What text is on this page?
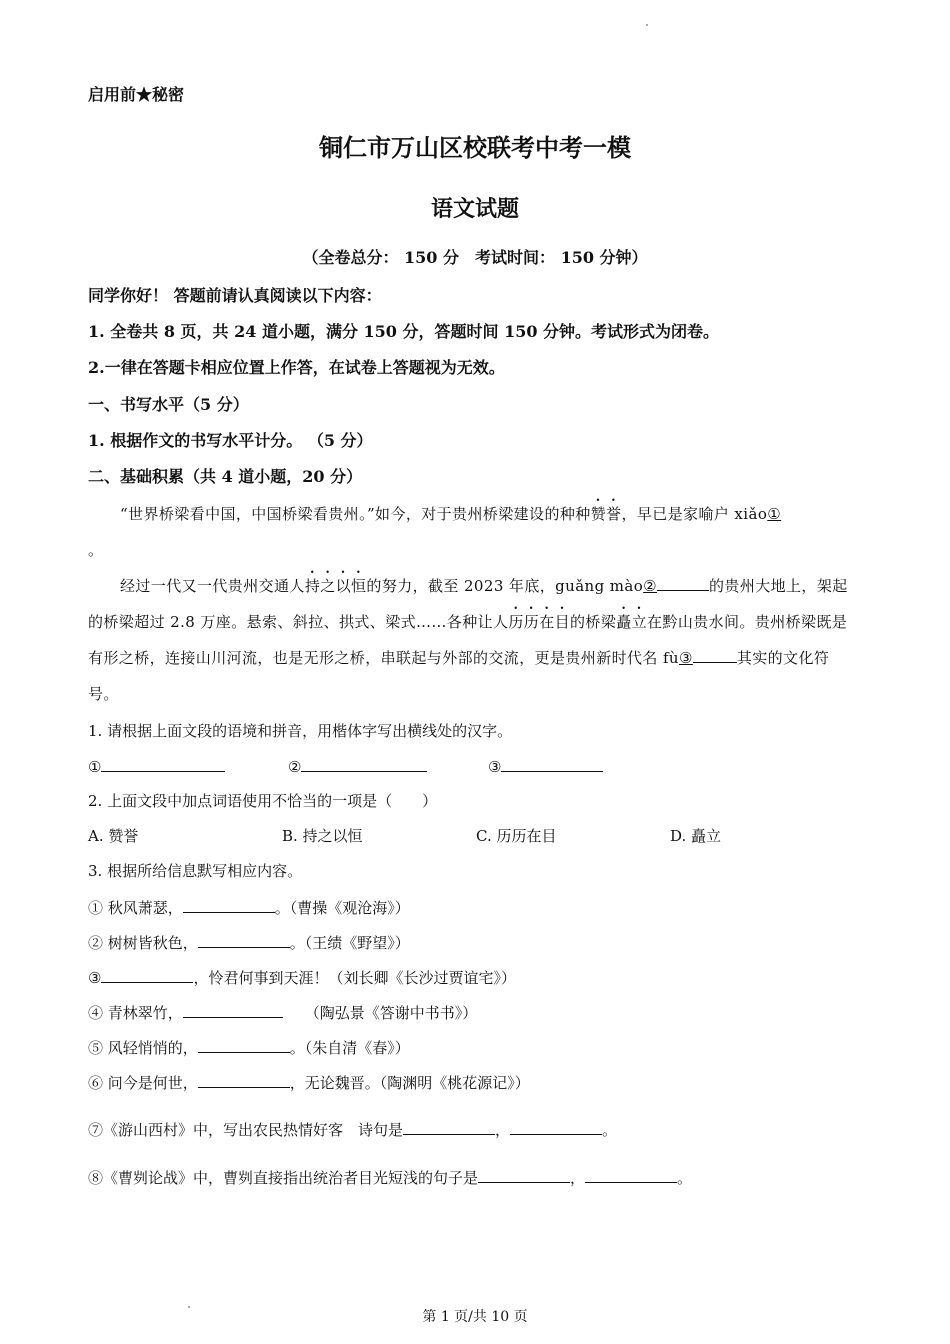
启用前★秘密
铜仁市万山区校联考中考一模
语文试题
（全卷总分： 150 分　考试时间： 150 分钟）
同学你好！ 答题前请认真阅读以下内容：
1. 全卷共 8 页，共 24 道小题，满分 150 分，答题时间 150 分钟。考试形式为闭卷。
2.一律在答题卡相应位置上作答，在试卷上答题视为无效。
一、书写水平（5 分）
1. 根据作文的书写水平计分。 （5 分）
二、基础积累（共 4 道小题，20 分）

“世界桥梁看中国，中国桥梁看贵州。”如今，对于贵州桥梁建设的种种赞誉，早已是家喻户 xiǎo①
。

经过一代又一代贵州交通人持之以恒的努力，截至 2023 年底，guǎng mào②	的贵州大地上，架起的桥梁超过 2.8 万座。悬索、斜拉、拱式、梁式……各种让人历历在目的桥梁矗立在黔山贵水间。贵州桥梁既是有形之桥，连接山川河流，也是无形之桥，串联起与外部的交流，更是贵州新时代名 fù③	其实的文化符号。

1. 请根据上面文段的语境和拼音，用楷体字写出横线处的汉字。
①	②	③
2. 上面文段中加点词语使用不恰当的一项是（　　）
A. 赞誉	B. 持之以恒	C. 历历在目	D. 矗立
3. 根据所给信息默写相应内容。
① 秋风萧瑟，	。（曹操《观沧海》）
② 树树皆秋色，	。（王绩《野望》）
③	，怜君何事到天涯！（刘长卿《长沙过贾谊宅》）
④ 青林翠竹，	（陶弘景《答谢中书书》）
⑤ 风轻悄悄的，	。（朱自清《春》）
⑥ 问今是何世，	，无论魏晋。（陶渊明《桃花源记》）
⑦《游山西村》中，写出农民热情好客　诗句是	，	。
⑧《曹刿论战》中，曹刿直接指出统治者目光短浅的句子是	，	。
第 1 页/共 10 页
